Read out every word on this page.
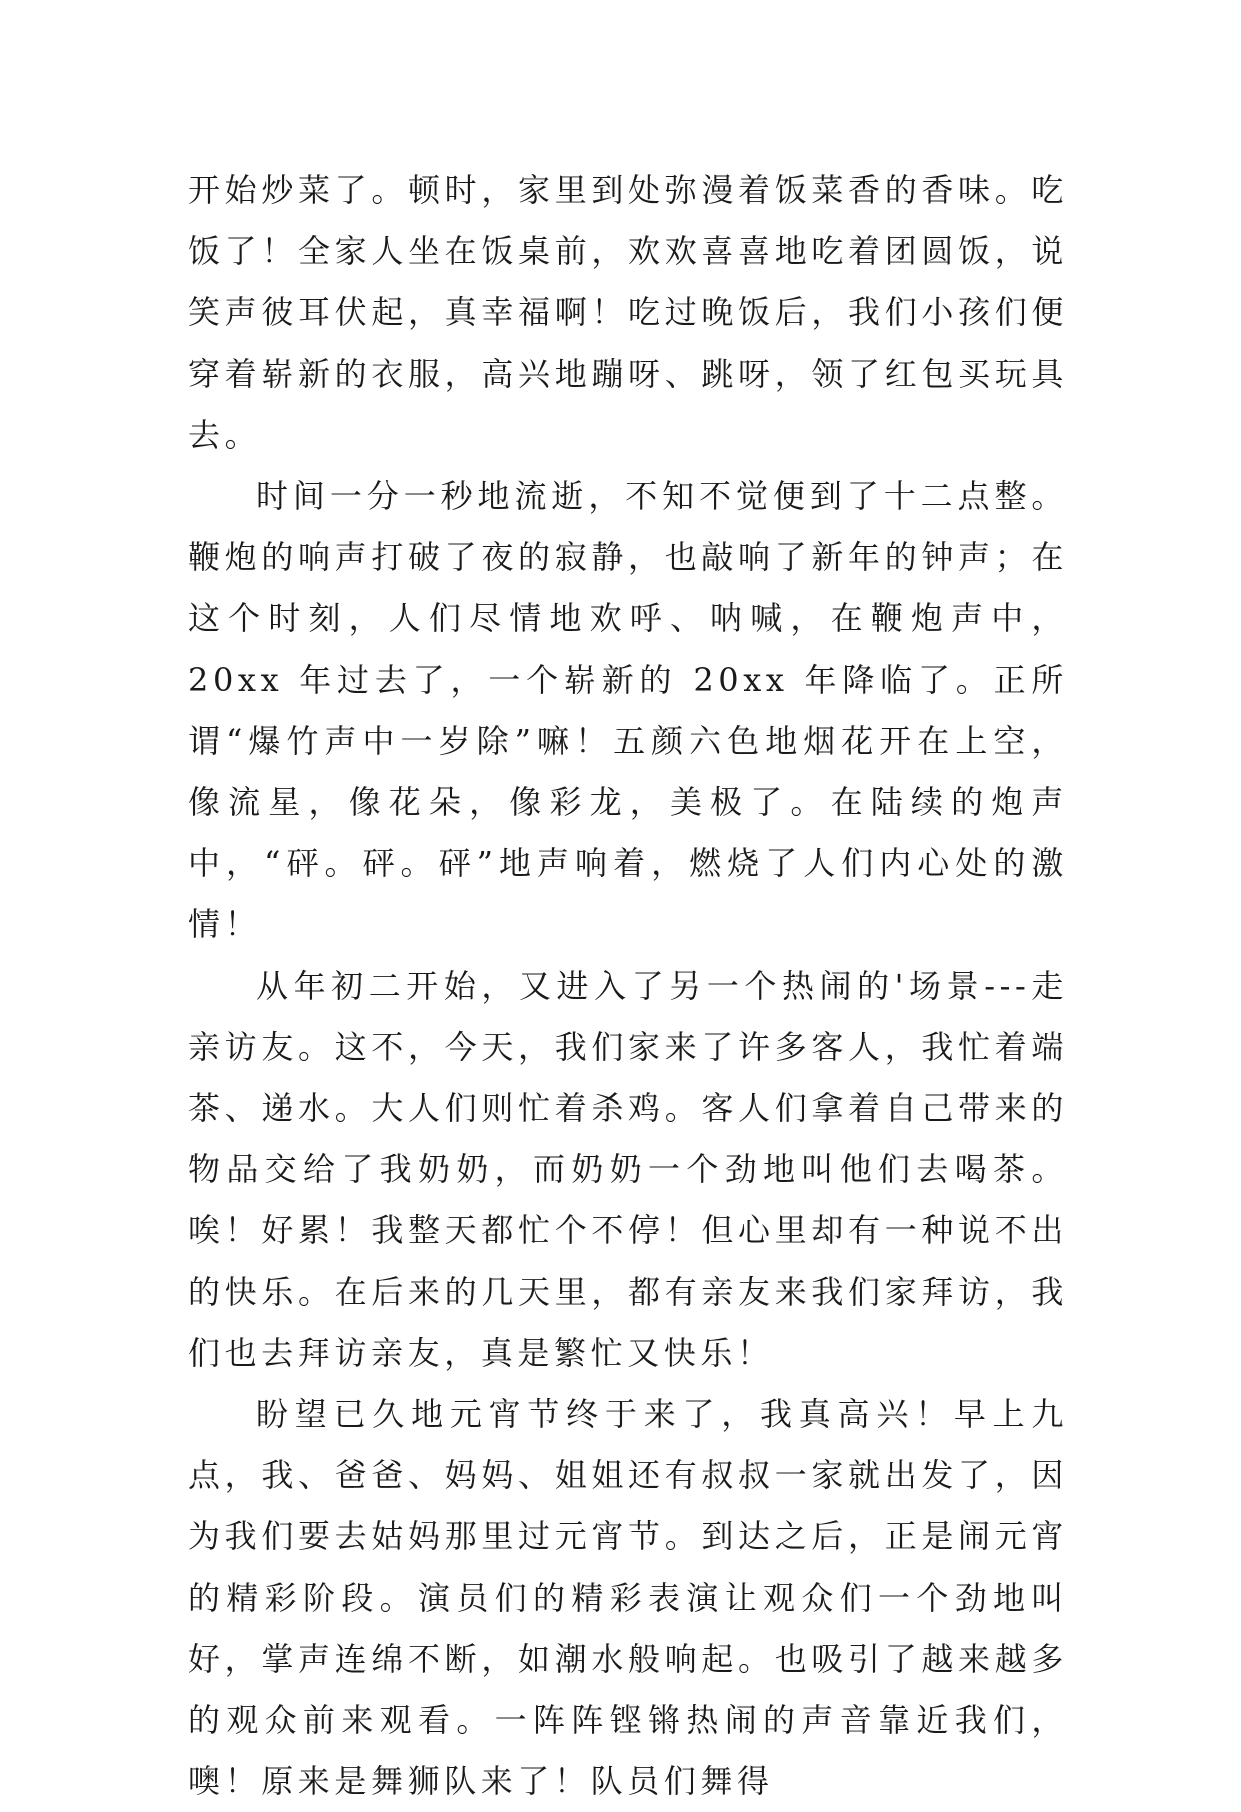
开始炒菜了。顿时，家里到处弥漫着饭菜香的香味。吃饭了！全家人坐在饭桌前，欢欢喜喜地吃着团圆饭，说笑声彼耳伏起，真幸福啊！吃过晚饭后，我们小孩们便穿着崭新的衣服，高兴地蹦呀、跳呀，领了红包买玩具去。

时间一分一秒地流逝，不知不觉便到了十二点整。鞭炮的响声打破了夜的寂静，也敲响了新年的钟声；在这个时刻，人们尽情地欢呼、呐喊，在鞭炮声中，20xx 年过去了，一个崭新的 20xx 年降临了。正所谓“爆竹声中一岁除”嘛！五颜六色地烟花开在上空，像流星，像花朵，像彩龙，美极了。在陆续的炮声中，“砰。砰。砰”地声响着，燃烧了人们内心处的激情！

从年初二开始，又进入了另一个热闹的'场景---走亲访友。这不，今天，我们家来了许多客人，我忙着端茶、递水。大人们则忙着杀鸡。客人们拿着自己带来的物品交给了我奶奶，而奶奶一个劲地叫他们去喝茶。唉！好累！我整天都忙个不停！但心里却有一种说不出的快乐。在后来的几天里，都有亲友来我们家拜访，我们也去拜访亲友，真是繁忙又快乐！

盼望已久地元宵节终于来了，我真高兴！早上九点，我、爸爸、妈妈、姐姐还有叔叔一家就出发了，因为我们要去姑妈那里过元宵节。到达之后，正是闹元宵的精彩阶段。演员们的精彩表演让观众们一个劲地叫好，掌声连绵不断，如潮水般响起。也吸引了越来越多的观众前来观看。一阵阵铿锵热闹的声音靠近我们，噢！原来是舞狮队来了！队员们舞得
